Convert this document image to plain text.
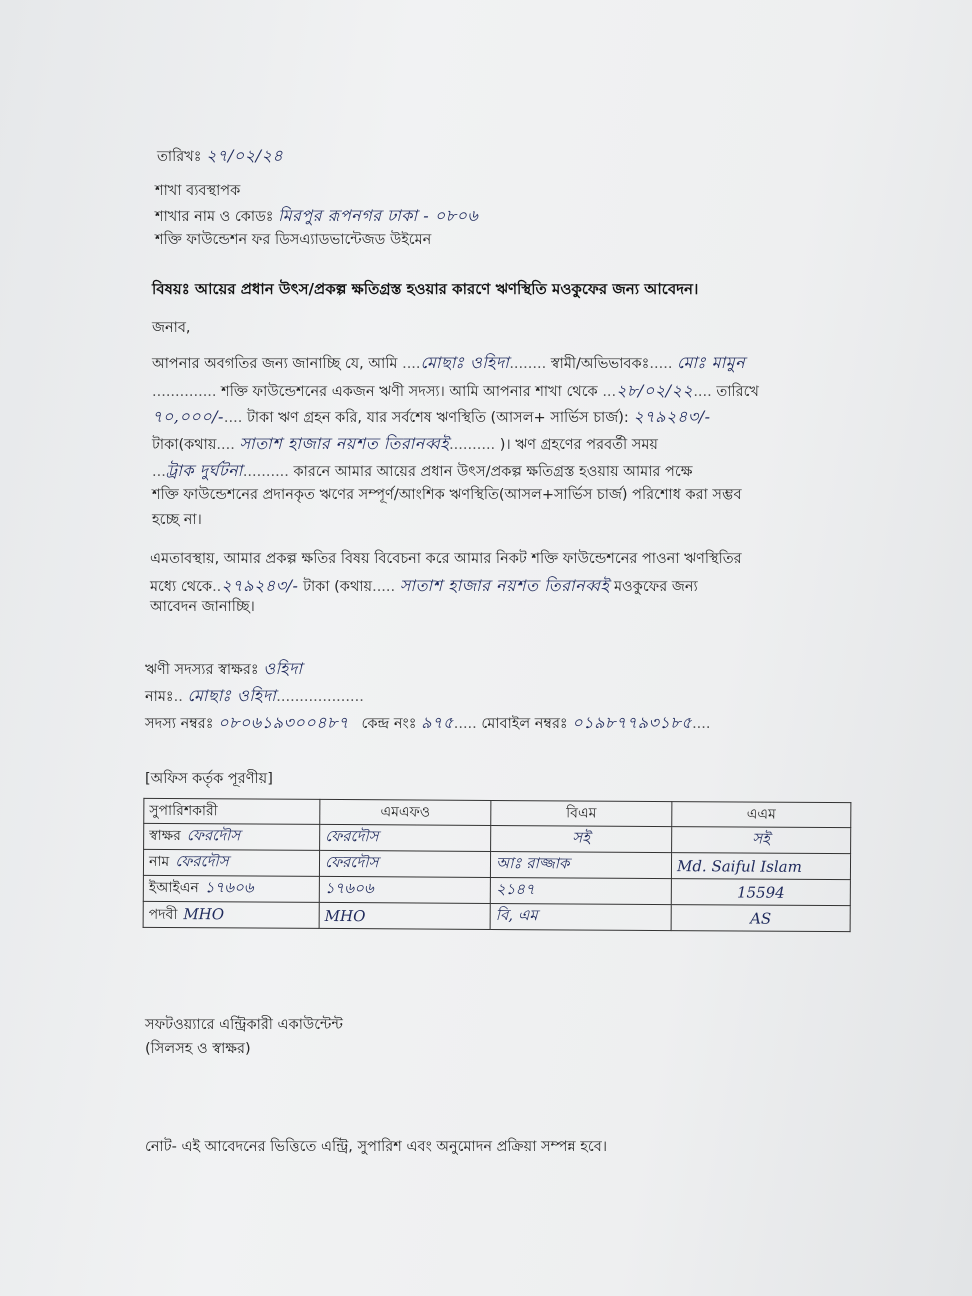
তারিখঃ ২৭/০২/২৪
শাখা ব্যবস্থাপক
শাখার নাম ও কোডঃ মিরপুর রূপনগর ঢাকা - ০৮০৬
শক্তি ফাউন্ডেশন ফর ডিসএ্যাডভান্টেজড উইমেন
বিষয়ঃ আয়ের প্রধান উৎস/প্রকল্প ক্ষতিগ্রস্ত হওয়ার কারণে ঋণস্থিতি মওকুফের জন্য আবেদন।
জনাব,
আপনার অবগতির জন্য জানাচ্ছি যে, আমি ....মোছাঃ ওহিদা........ স্বামী/অভিভাবকঃ..... মোঃ মামুন
.............. শক্তি ফাউন্ডেশনের একজন ঋণী সদস্য। আমি আপনার শাখা থেকে ...২৮/০২/২২.... তারিখে
৭০,০০০/-.... টাকা ঋণ গ্রহন করি, যার সর্বশেষ ঋণস্থিতি (আসল+ সার্ভিস চার্জ): ২৭৯২৪৩/-
টাকা(কথায়.... সাতাশ হাজার নয়শত তিরানব্বই.......... )। ঋণ গ্রহণের পরবর্তী সময়
...ট্রাক দুর্ঘটনা.......... কারনে আমার আয়ের প্রধান উৎস/প্রকল্প ক্ষতিগ্রস্ত হওয়ায় আমার পক্ষে
শক্তি ফাউন্ডেশনের প্রদানকৃত ঋণের সম্পূর্ণ/আংশিক ঋণস্থিতি(আসল+সার্ভিস চার্জ) পরিশোধ করা সম্ভব
হচ্ছে না।
এমতাবস্থায়, আমার প্রকল্প ক্ষতির বিষয় বিবেচনা করে আমার নিকট শক্তি ফাউন্ডেশনের পাওনা ঋণস্থিতির
মধ্যে থেকে..২৭৯২৪৩/- টাকা (কথায়..... সাতাশ হাজার নয়শত তিরানব্বই মওকুফের জন্য
আবেদন জানাচ্ছি।
ঋণী সদস্যর স্বাক্ষরঃ ওহিদা
নামঃ.. মোছাঃ ওহিদা...................
সদস্য নম্বরঃ ০৮০৬১৯৩০০৪৮৭ কেন্দ্র নংঃ ৯৭৫..... মোবাইল নম্বরঃ ০১৯৮৭৭৯৩১৮৫....
[অফিস কর্তৃক পূরণীয়]
সুপারিশকারী	এমএফও	বিএম	এএম
স্বাক্ষর ফেরদৌস	ফেরদৌস	সই	সই
নাম ফেরদৌস	ফেরদৌস	আঃ রাজ্জাক	Md. Saiful Islam
ইআইএন ১৭৬০৬	১৭৬০৬	২১৪৭	15594
পদবী MHO	MHO	বি, এম	AS
সফটওয়্যারে এন্ট্রিকারী একাউন্টেন্ট
(সিলসহ ও স্বাক্ষর)
নোট- এই আবেদনের ভিত্তিতে এন্ট্রি, সুপারিশ এবং অনুমোদন প্রক্রিয়া সম্পন্ন হবে।
